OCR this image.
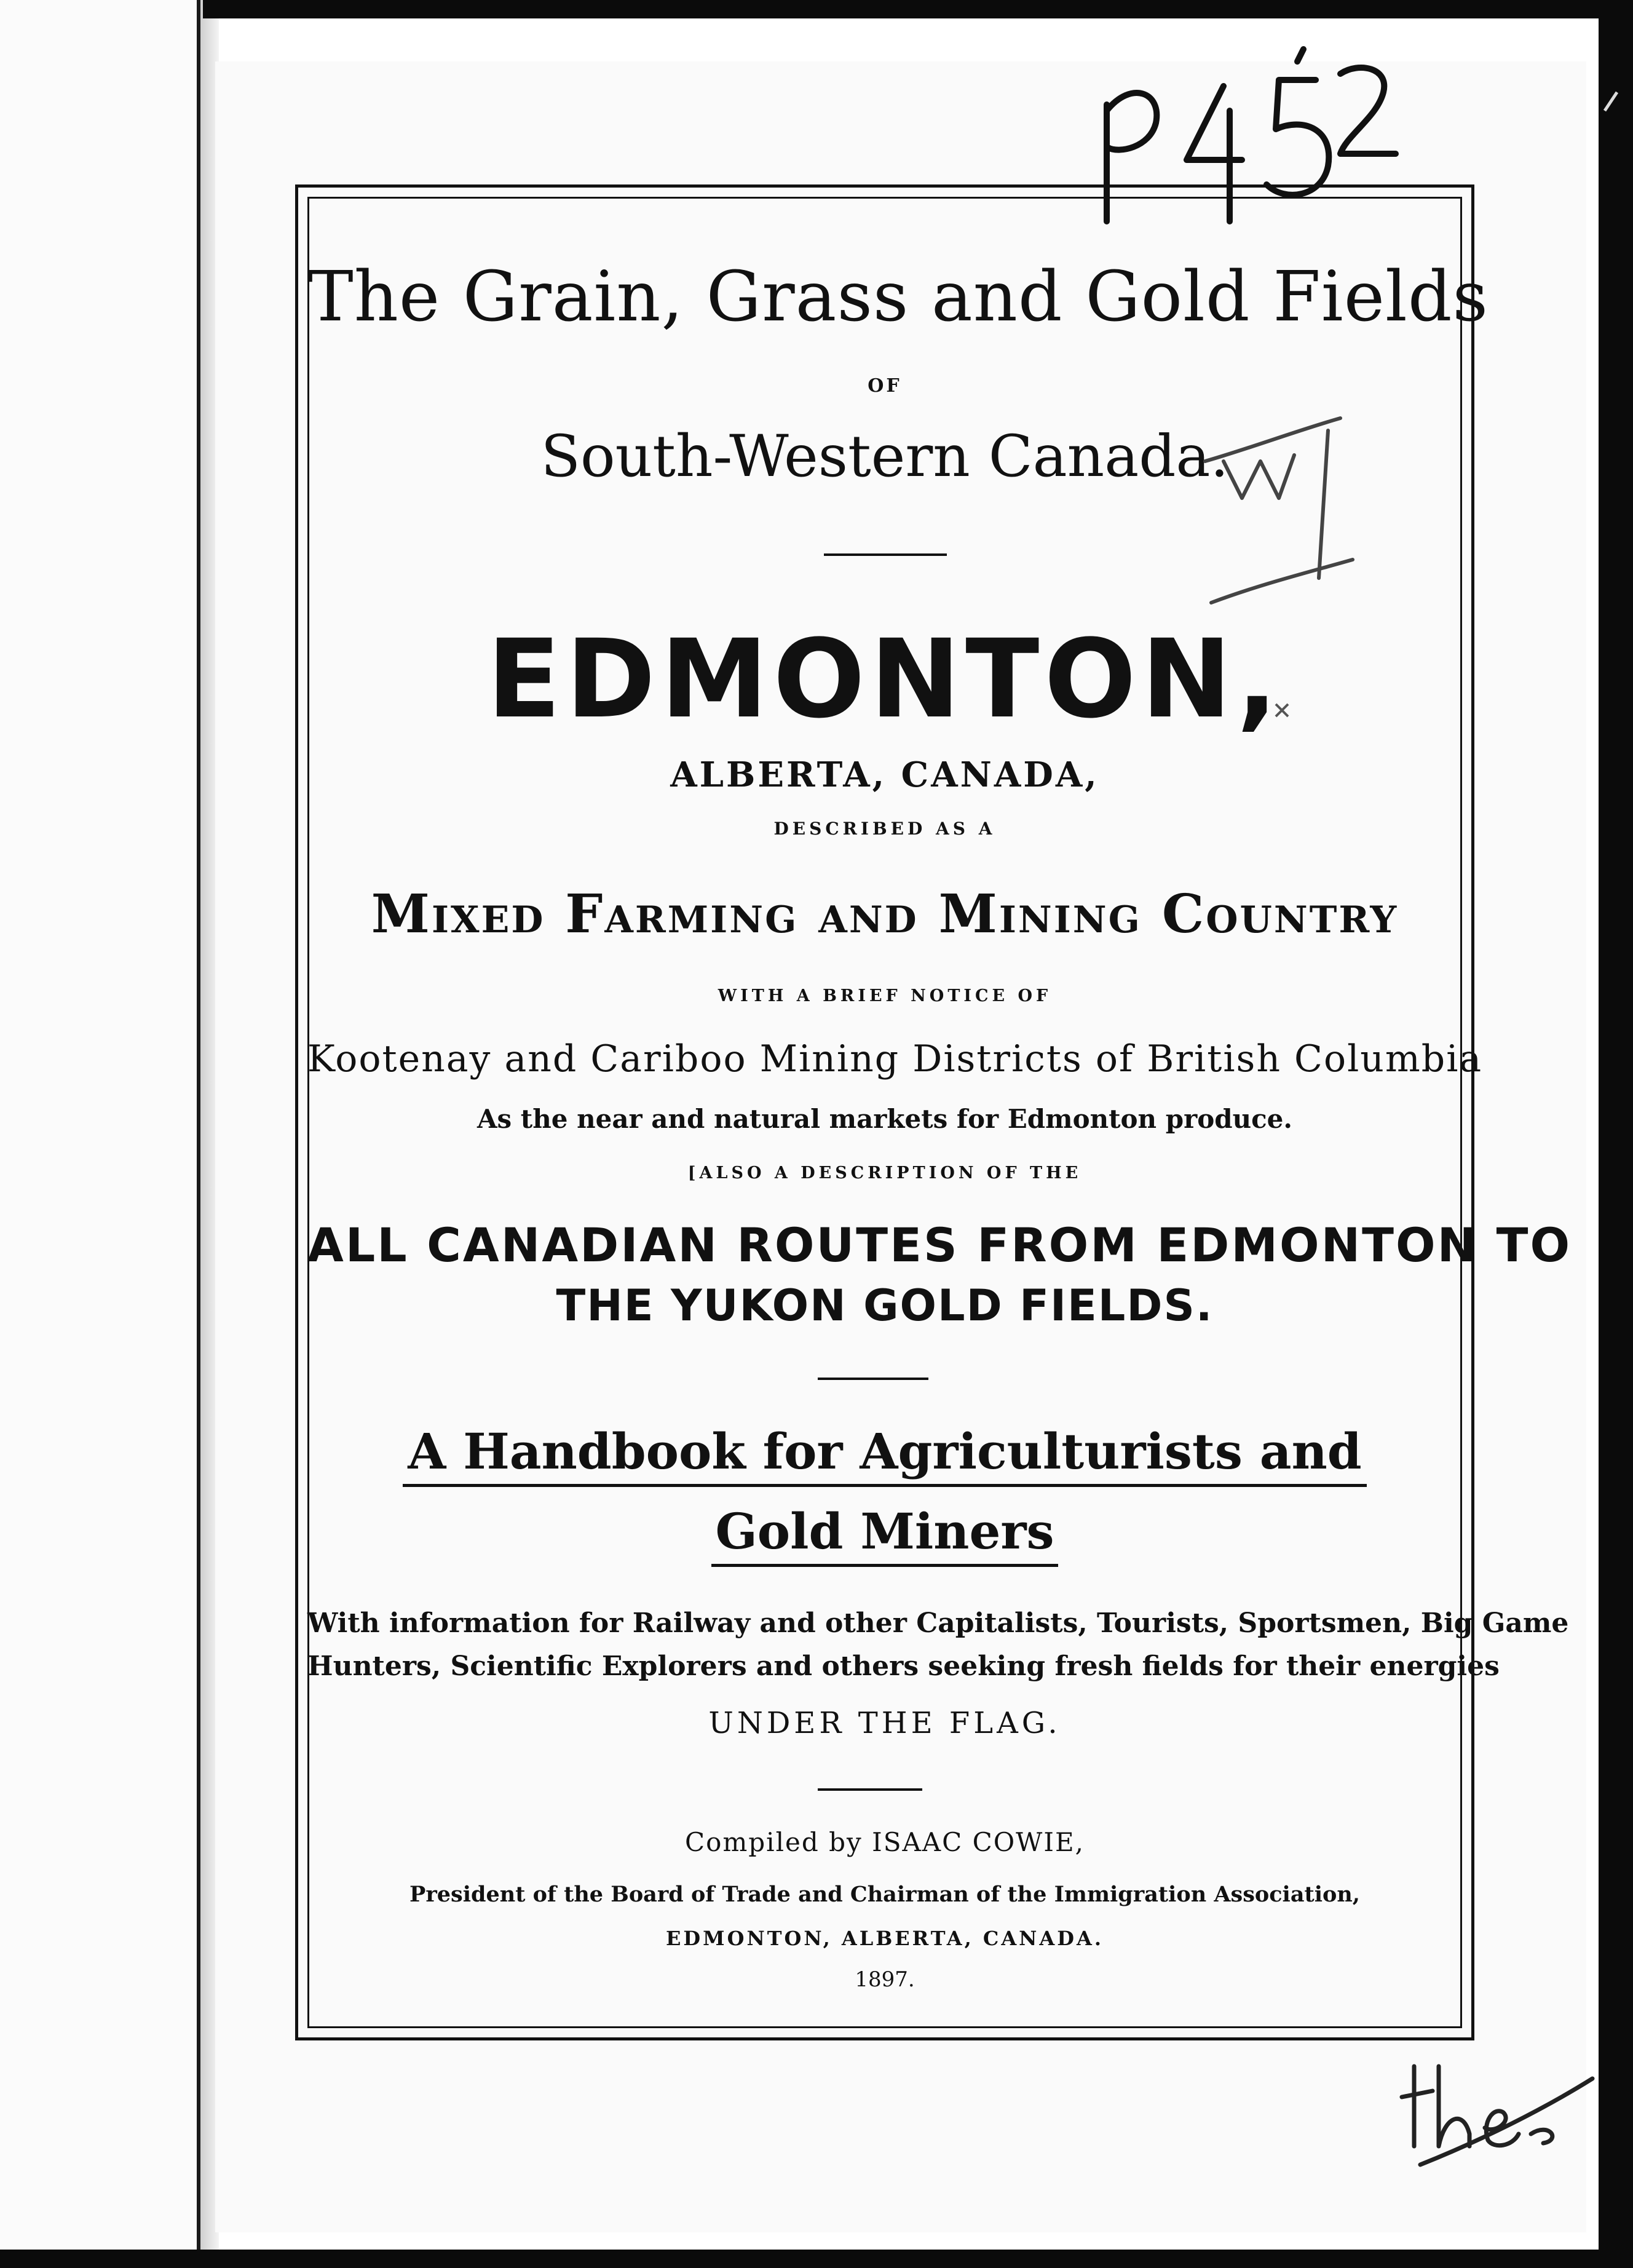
The Grain, Grass and Gold Fields
OF
South-Western Canada.
EDMONTON,
ALBERTA, CANADA,
DESCRIBED AS A
Mixed Farming and Mining Country
WITH A BRIEF NOTICE OF
Kootenay and Cariboo Mining Districts of British Columbia
As the near and natural markets for Edmonton produce.
[ALSO A DESCRIPTION OF THE
ALL CANADIAN ROUTES FROM EDMONTON TO
THE YUKON GOLD FIELDS.
A Handbook for Agriculturists and
Gold Miners
With information for Railway and other Capitalists, Tourists, Sportsmen, Big Game
Hunters, Scientific Explorers and others seeking fresh fields for their energies
UNDER THE FLAG.
Compiled by ISAAC COWIE,
President of the Board of Trade and Chairman of the Immigration Association,
EDMONTON, ALBERTA, CANADA.
1897.
